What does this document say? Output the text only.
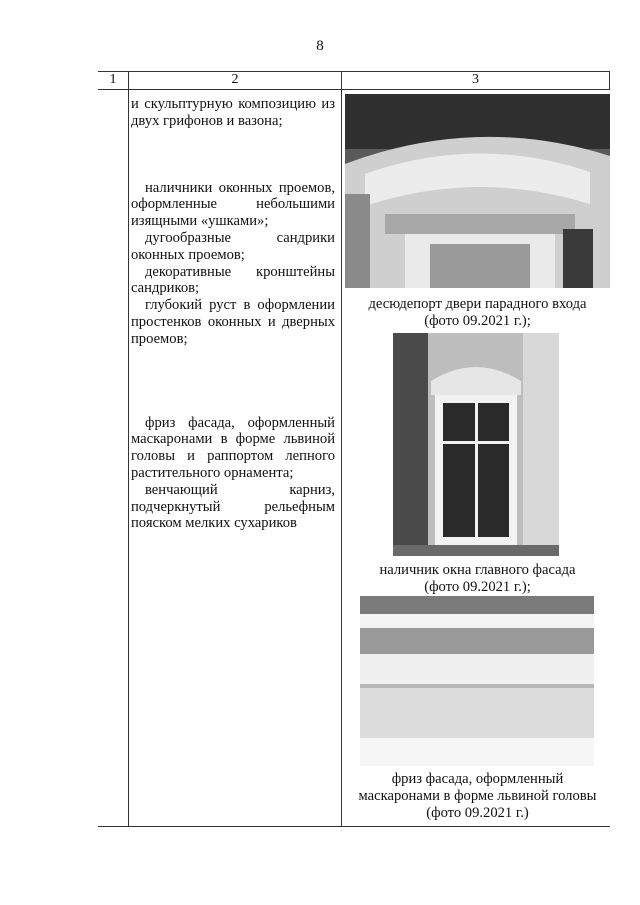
8
1	2	3

и скульптурную композицию из двух грифонов и вазона;

наличники оконных проемов, оформленные небольшими изящными «ушками»;

дугообразные сандрики оконных проемов;

декоративные кронштейны сандриков;

глубокий руст в оформлении простенков оконных и дверных проемов;

фриз фасада, оформленный маскаронами в форме львиной головы и раппортом лепного растительного орнамента;

венчающий карниз, подчеркнутый рельефным пояском мелких сухариков

десюдепорт двери парадного входа
(фото 09.2021 г.);
наличник окна главного фасада
(фото 09.2021 г.);
фриз фасада, оформленный
маскаронами в форме львиной головы
(фото 09.2021 г.)
